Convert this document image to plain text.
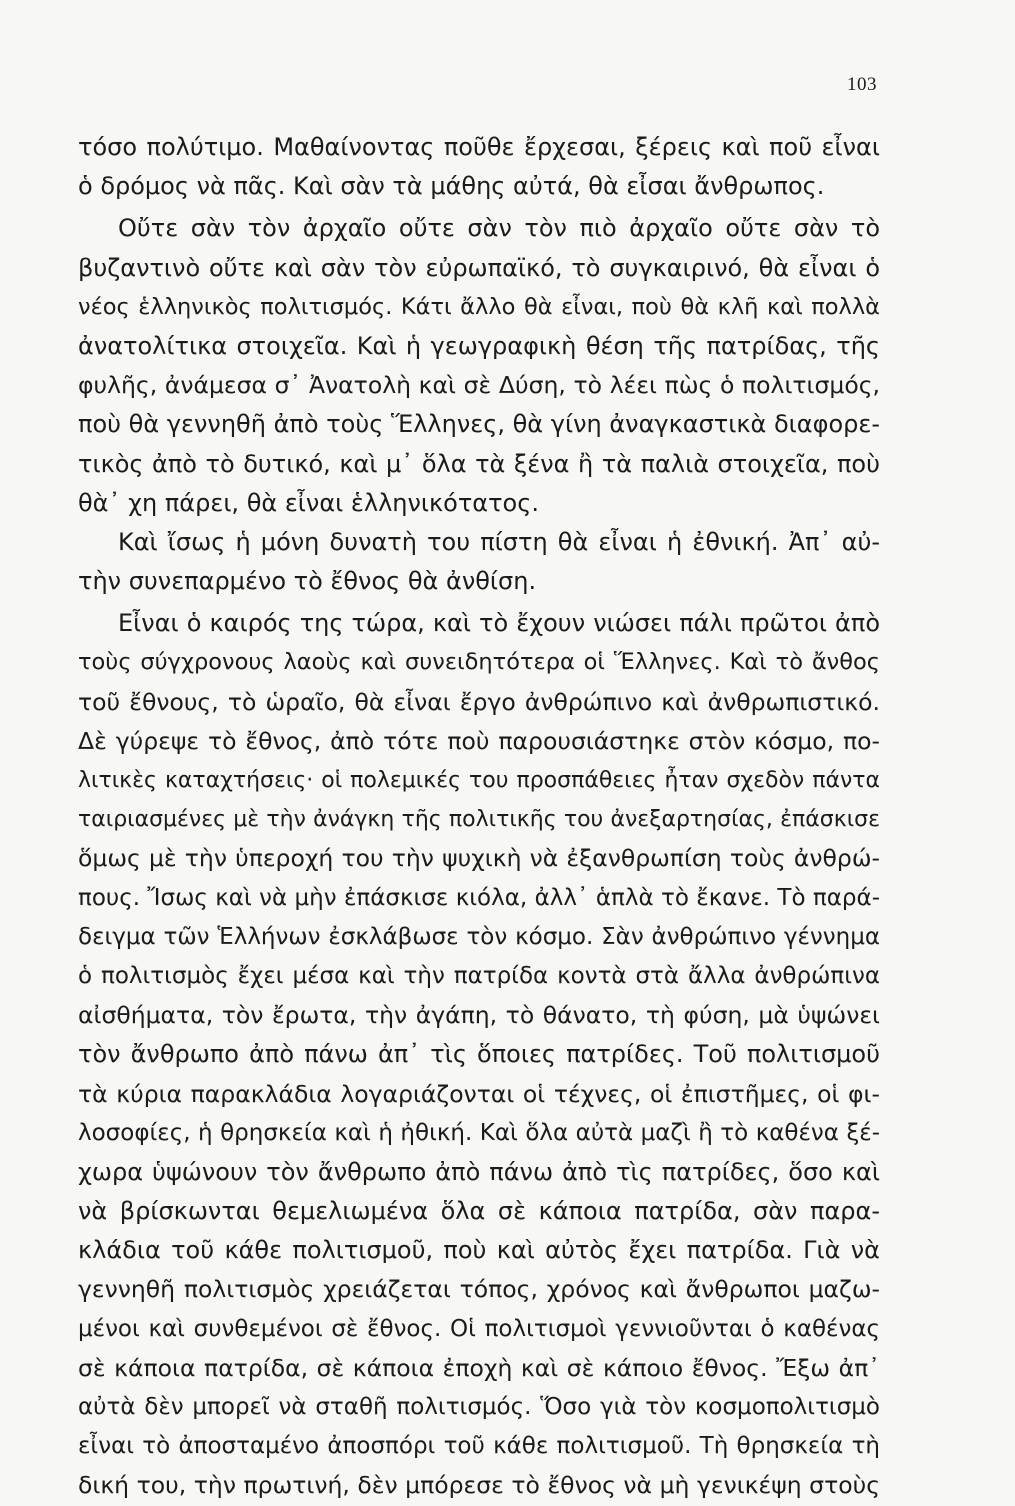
103
τόσο πολύτιμο. Μαθαίνοντας ποῦθε ἔρχεσαι, ξέρεις καὶ ποῦ εἶναι
ὁ δρόμος νὰ πᾶς. Καὶ σὰν τὰ μάθης αὐτά, θὰ εἶσαι ἄνθρωπος.
Οὔτε σὰν τὸν ἀρχαῖο οὔτε σὰν τὸν πιὸ ἀρχαῖο οὔτε σὰν τὸ
βυζαντινὸ οὔτε καὶ σὰν τὸν εὐρωπαϊκό, τὸ συγκαιρινό, θὰ εἶναι ὁ
νέος ἑλληνικὸς πολιτισμός. Κάτι ἄλλο θὰ εἶναι, ποὺ θὰ κλῆ καὶ πολλὰ
ἀνατολίτικα στοιχεῖα. Καὶ ἡ γεωγραφικὴ θέση τῆς πατρίδας, τῆς
φυλῆς, ἀνάμεσα σ᾿ Ἀνατολὴ καὶ σὲ Δύση, τὸ λέει πὼς ὁ πολιτισμός,
ποὺ θὰ γεννηθῆ ἀπὸ τοὺς Ἕλληνες, θὰ γίνη ἀναγκαστικὰ διαφορε-
τικὸς ἀπὸ τὸ δυτικό, καὶ μ᾿ ὅλα τὰ ξένα ἢ τὰ παλιὰ στοιχεῖα, ποὺ
θὰ᾿ χη πάρει, θὰ εἶναι ἑλληνικότατος.
Καὶ ἴσως ἡ μόνη δυνατὴ του πίστη θὰ εἶναι ἡ ἐθνική. Ἀπ᾿ αὐ-
τὴν συνεπαρμένο τὸ ἔθνος θὰ ἀνθίση.
Εἶναι ὁ καιρός της τώρα, καὶ τὸ ἔχουν νιώσει πάλι πρῶτοι ἀπὸ
τοὺς σύγχρονους λαοὺς καὶ συνειδητότερα οἱ Ἕλληνες. Καὶ τὸ ἄνθος
τοῦ ἔθνους, τὸ ὡραῖο, θὰ εἶναι ἔργο ἀνθρώπινο καὶ ἀνθρωπιστικό.
Δὲ γύρεψε τὸ ἔθνος, ἀπὸ τότε ποὺ παρουσιάστηκε στὸν κόσμο, πο-
λιτικὲς καταχτήσεις· οἱ πολεμικές του προσπάθειες ἦταν σχεδὸν πάντα
ταιριασμένες μὲ τὴν ἀνάγκη τῆς πολιτικῆς του ἀνεξαρτησίας, ἐπάσκισε
ὅμως μὲ τὴν ὑπεροχή του τὴν ψυχικὴ νὰ ἐξανθρωπίση τοὺς ἀνθρώ-
πους. Ἴσως καὶ νὰ μὴν ἐπάσκισε κιόλα, ἀλλ᾿ ἁπλὰ τὸ ἔκανε. Τὸ παρά-
δειγμα τῶν Ἑλλήνων ἐσκλάβωσε τὸν κόσμο. Σὰν ἀνθρώπινο γέννημα
ὁ πολιτισμὸς ἔχει μέσα καὶ τὴν πατρίδα κοντὰ στὰ ἄλλα ἀνθρώπινα
αἰσθήματα, τὸν ἔρωτα, τὴν ἀγάπη, τὸ θάνατο, τὴ φύση, μὰ ὑψώνει
τὸν ἄνθρωπο ἀπὸ πάνω ἀπ᾿ τὶς ὅποιες πατρίδες. Τοῦ πολιτισμοῦ
τὰ κύρια παρακλάδια λογαριάζονται οἱ τέχνες, οἱ ἐπιστῆμες, οἱ φι-
λοσοφίες, ἡ θρησκεία καὶ ἡ ἠθική. Καὶ ὅλα αὐτὰ μαζὶ ἢ τὸ καθένα ξέ-
χωρα ὑψώνουν τὸν ἄνθρωπο ἀπὸ πάνω ἀπὸ τὶς πατρίδες, ὅσο καὶ
νὰ βρίσκωνται θεμελιωμένα ὅλα σὲ κάποια πατρίδα, σὰν παρα-
κλάδια τοῦ κάθε πολιτισμοῦ, ποὺ καὶ αὐτὸς ἔχει πατρίδα. Γιὰ νὰ
γεννηθῆ πολιτισμὸς χρειάζεται τόπος, χρόνος καὶ ἄνθρωποι μαζω-
μένοι καὶ συνθεμένοι σὲ ἔθνος. Οἱ πολιτισμοὶ γεννιοῦνται ὁ καθένας
σὲ κάποια πατρίδα, σὲ κάποια ἐποχὴ καὶ σὲ κάποιο ἔθνος. Ἔξω ἀπ᾿
αὐτὰ δὲν μπορεῖ νὰ σταθῆ πολιτισμός. Ὅσο γιὰ τὸν κοσμοπολιτισμὸ
εἶναι τὸ ἀποσταμένο ἀποσπόρι τοῦ κάθε πολιτισμοῦ. Τὴ θρησκεία τὴ
δική του, τὴν πρωτινή, δὲν μπόρεσε τὸ ἔθνος νὰ μὴ γενικέψη στοὺς
